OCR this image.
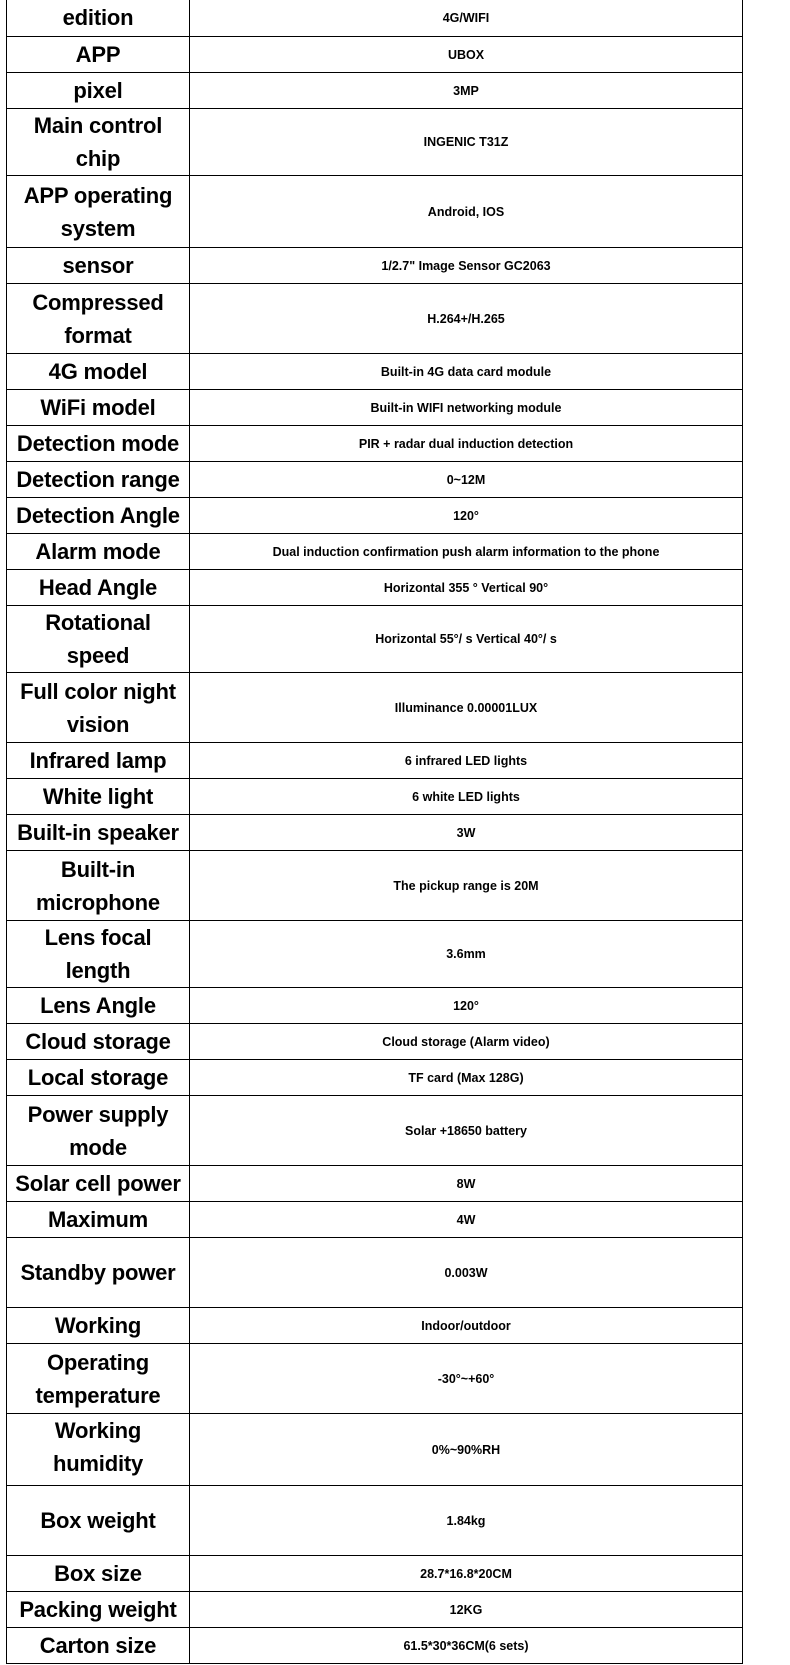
edition	4G/WIFI
APP	UBOX
pixel	3MP
Main control chip	INGENIC T31Z
APP operating system	Android, IOS
sensor	1/2.7" Image Sensor GC2063
Compressed format	H.264+/H.265
4G model	Built-in 4G data card module
WiFi model	Built-in WIFI networking module
Detection mode	PIR + radar dual induction detection
Detection range	0~12M
Detection Angle	120°
Alarm mode	Dual induction confirmation push alarm information to the phone
Head Angle	Horizontal 355 ° Vertical 90°
Rotational speed	Horizontal 55°/ s Vertical 40°/ s
Full color night vision	Illuminance 0.00001LUX
Infrared lamp	6 infrared LED lights
White light	6 white LED lights
Built-in speaker	3W
Built-in microphone	The pickup range is 20M
Lens focal length	3.6mm
Lens Angle	120°
Cloud storage	Cloud storage (Alarm video)
Local storage	TF card (Max 128G)
Power supply mode	Solar +18650 battery
Solar cell power	8W
Maximum	4W
Standby power	0.003W
Working	Indoor/outdoor
Operating temperature	-30°~+60°
Working humidity	0%~90%RH
Box weight	1.84kg
Box size	28.7*16.8*20CM
Packing weight	12KG
Carton size	61.5*30*36CM(6 sets)
